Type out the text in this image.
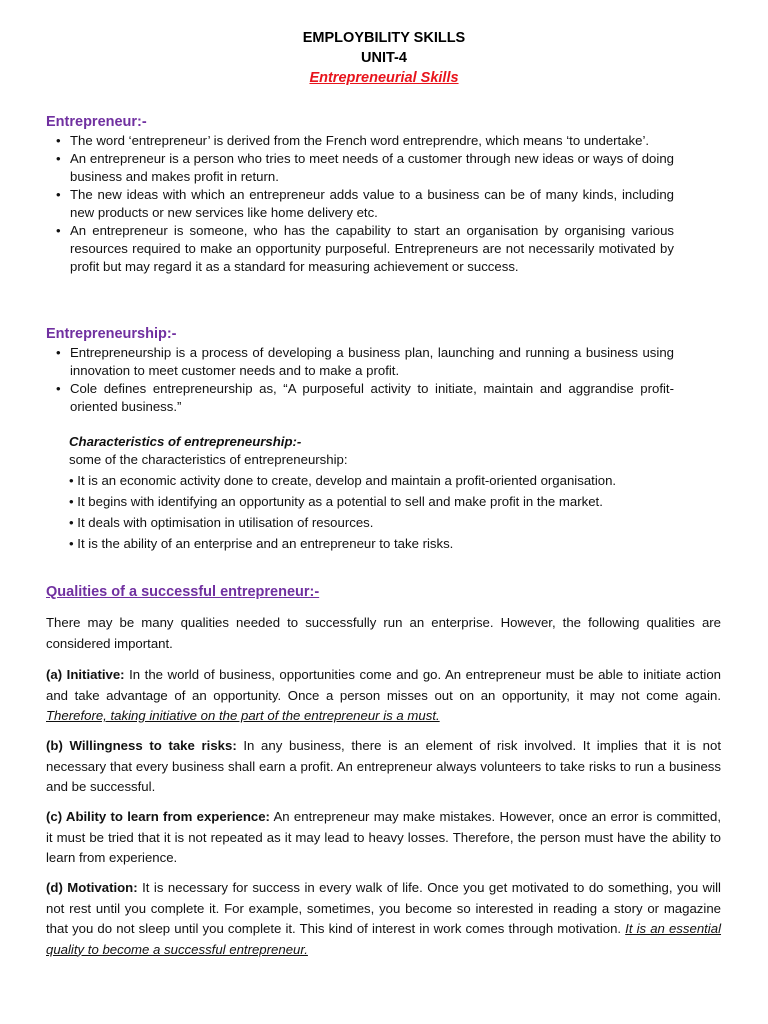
EMPLOYBILITY SKILLS
UNIT-4
Entrepreneurial Skills
Entrepreneur:-
• The word ‘entrepreneur’ is derived from the French word entreprendre, which means ‘to undertake’.
• An entrepreneur is a person who tries to meet needs of a customer through new ideas or ways of doing business and makes profit in return.
• The new ideas with which an entrepreneur adds value to a business can be of many kinds, including new products or new services like home delivery etc.
• An entrepreneur is someone, who has the capability to start an organisation by organising various resources required to make an opportunity purposeful. Entrepreneurs are not necessarily motivated by profit but may regard it as a standard for measuring achievement or success.
Entrepreneurship:-
• Entrepreneurship is a process of developing a business plan, launching and running a business using innovation to meet customer needs and to make a profit.
• Cole defines entrepreneurship as, “A purposeful activity to initiate, maintain and aggrandise profit-oriented business.”
Characteristics of entrepreneurship:-
some of the characteristics of entrepreneurship:
• It is an economic activity done to create, develop and maintain a profit-oriented organisation.
• It begins with identifying an opportunity as a potential to sell and make profit in the market.
• It deals with optimisation in utilisation of resources.
• It is the ability of an enterprise and an entrepreneur to take risks.
Qualities of a successful entrepreneur:-
There may be many qualities needed to successfully run an enterprise. However, the following qualities are considered important.
(a) Initiative: In the world of business, opportunities come and go. An entrepreneur must be able to initiate action and take advantage of an opportunity. Once a person misses out on an opportunity, it may not come again. Therefore, taking initiative on the part of the entrepreneur is a must.
(b) Willingness to take risks: In any business, there is an element of risk involved. It implies that it is not necessary that every business shall earn a profit. An entrepreneur always volunteers to take risks to run a business and be successful.
(c) Ability to learn from experience: An entrepreneur may make mistakes. However, once an error is committed, it must be tried that it is not repeated as it may lead to heavy losses. Therefore, the person must have the ability to learn from experience.
(d) Motivation: It is necessary for success in every walk of life. Once you get motivated to do something, you will not rest until you complete it. For example, sometimes, you become so interested in reading a story or magazine that you do not sleep until you complete it. This kind of interest in work comes through motivation. It is an essential quality to become a successful entrepreneur.
